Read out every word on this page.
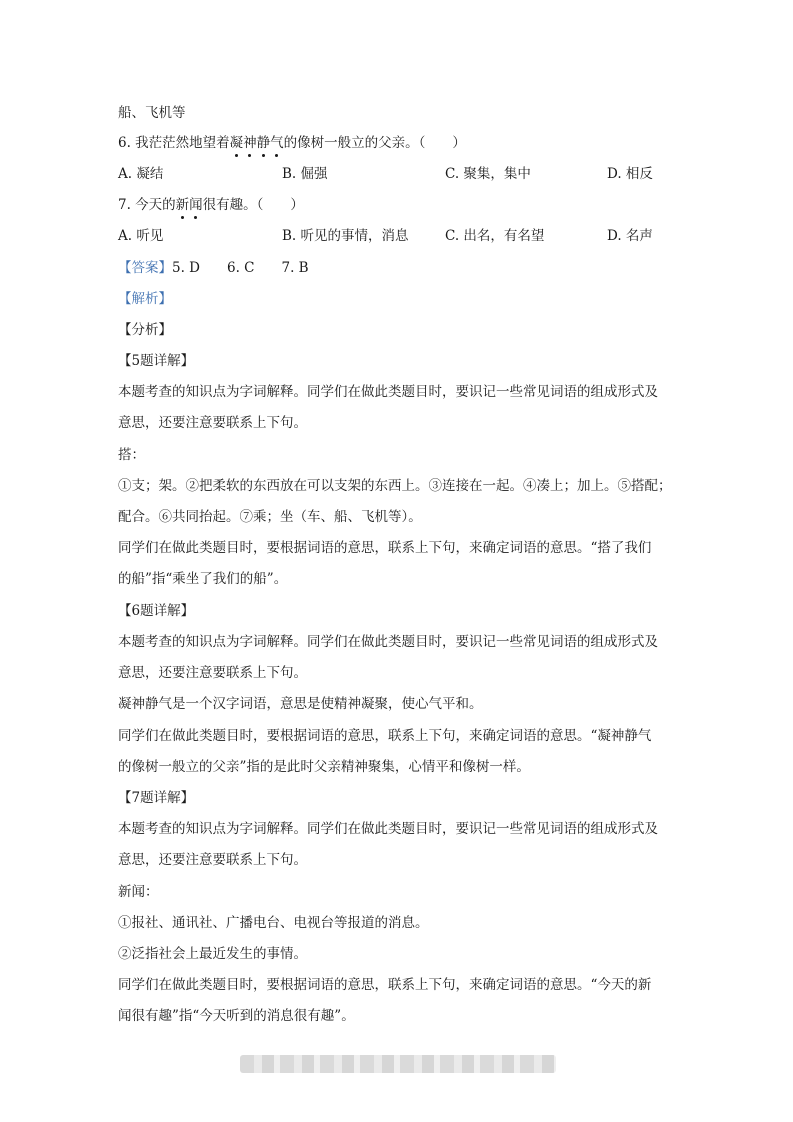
船、飞机等
6. 我茫茫然地望着凝神静气的像树一般立的父亲。（　　）
A. 凝结	B. 倔强	C. 聚集，集中	D. 相反
7. 今天的新闻很有趣。（　　）
A. 听见	B. 听见的事情，消息	C. 出名，有名望	D. 名声
【答案】5. D　　6. C　　7. B
【解析】
【分析】
【5题详解】
本题考查的知识点为字词解释。同学们在做此类题目时，要识记一些常见词语的组成形式及
意思，还要注意要联系上下句。
搭：
①支；架。②把柔软的东西放在可以支架的东西上。③连接在一起。④凑上；加上。⑤搭配；
配合。⑥共同抬起。⑦乘；坐（车、船、飞机等）。
同学们在做此类题目时，要根据词语的意思，联系上下句，来确定词语的意思。“搭了我们
的船”指“乘坐了我们的船”。
【6题详解】
本题考查的知识点为字词解释。同学们在做此类题目时，要识记一些常见词语的组成形式及
意思，还要注意要联系上下句。
凝神静气是一个汉字词语，意思是使精神凝聚，使心气平和。
同学们在做此类题目时，要根据词语的意思，联系上下句，来确定词语的意思。“凝神静气
的像树一般立的父亲”指的是此时父亲精神聚集，心情平和像树一样。
【7题详解】
本题考查的知识点为字词解释。同学们在做此类题目时，要识记一些常见词语的组成形式及
意思，还要注意要联系上下句。
新闻：
①报社、通讯社、广播电台、电视台等报道的消息。
②泛指社会上最近发生的事情。
同学们在做此类题目时，要根据词语的意思，联系上下句，来确定词语的意思。“今天的新
闻很有趣”指“今天听到的消息很有趣”。
